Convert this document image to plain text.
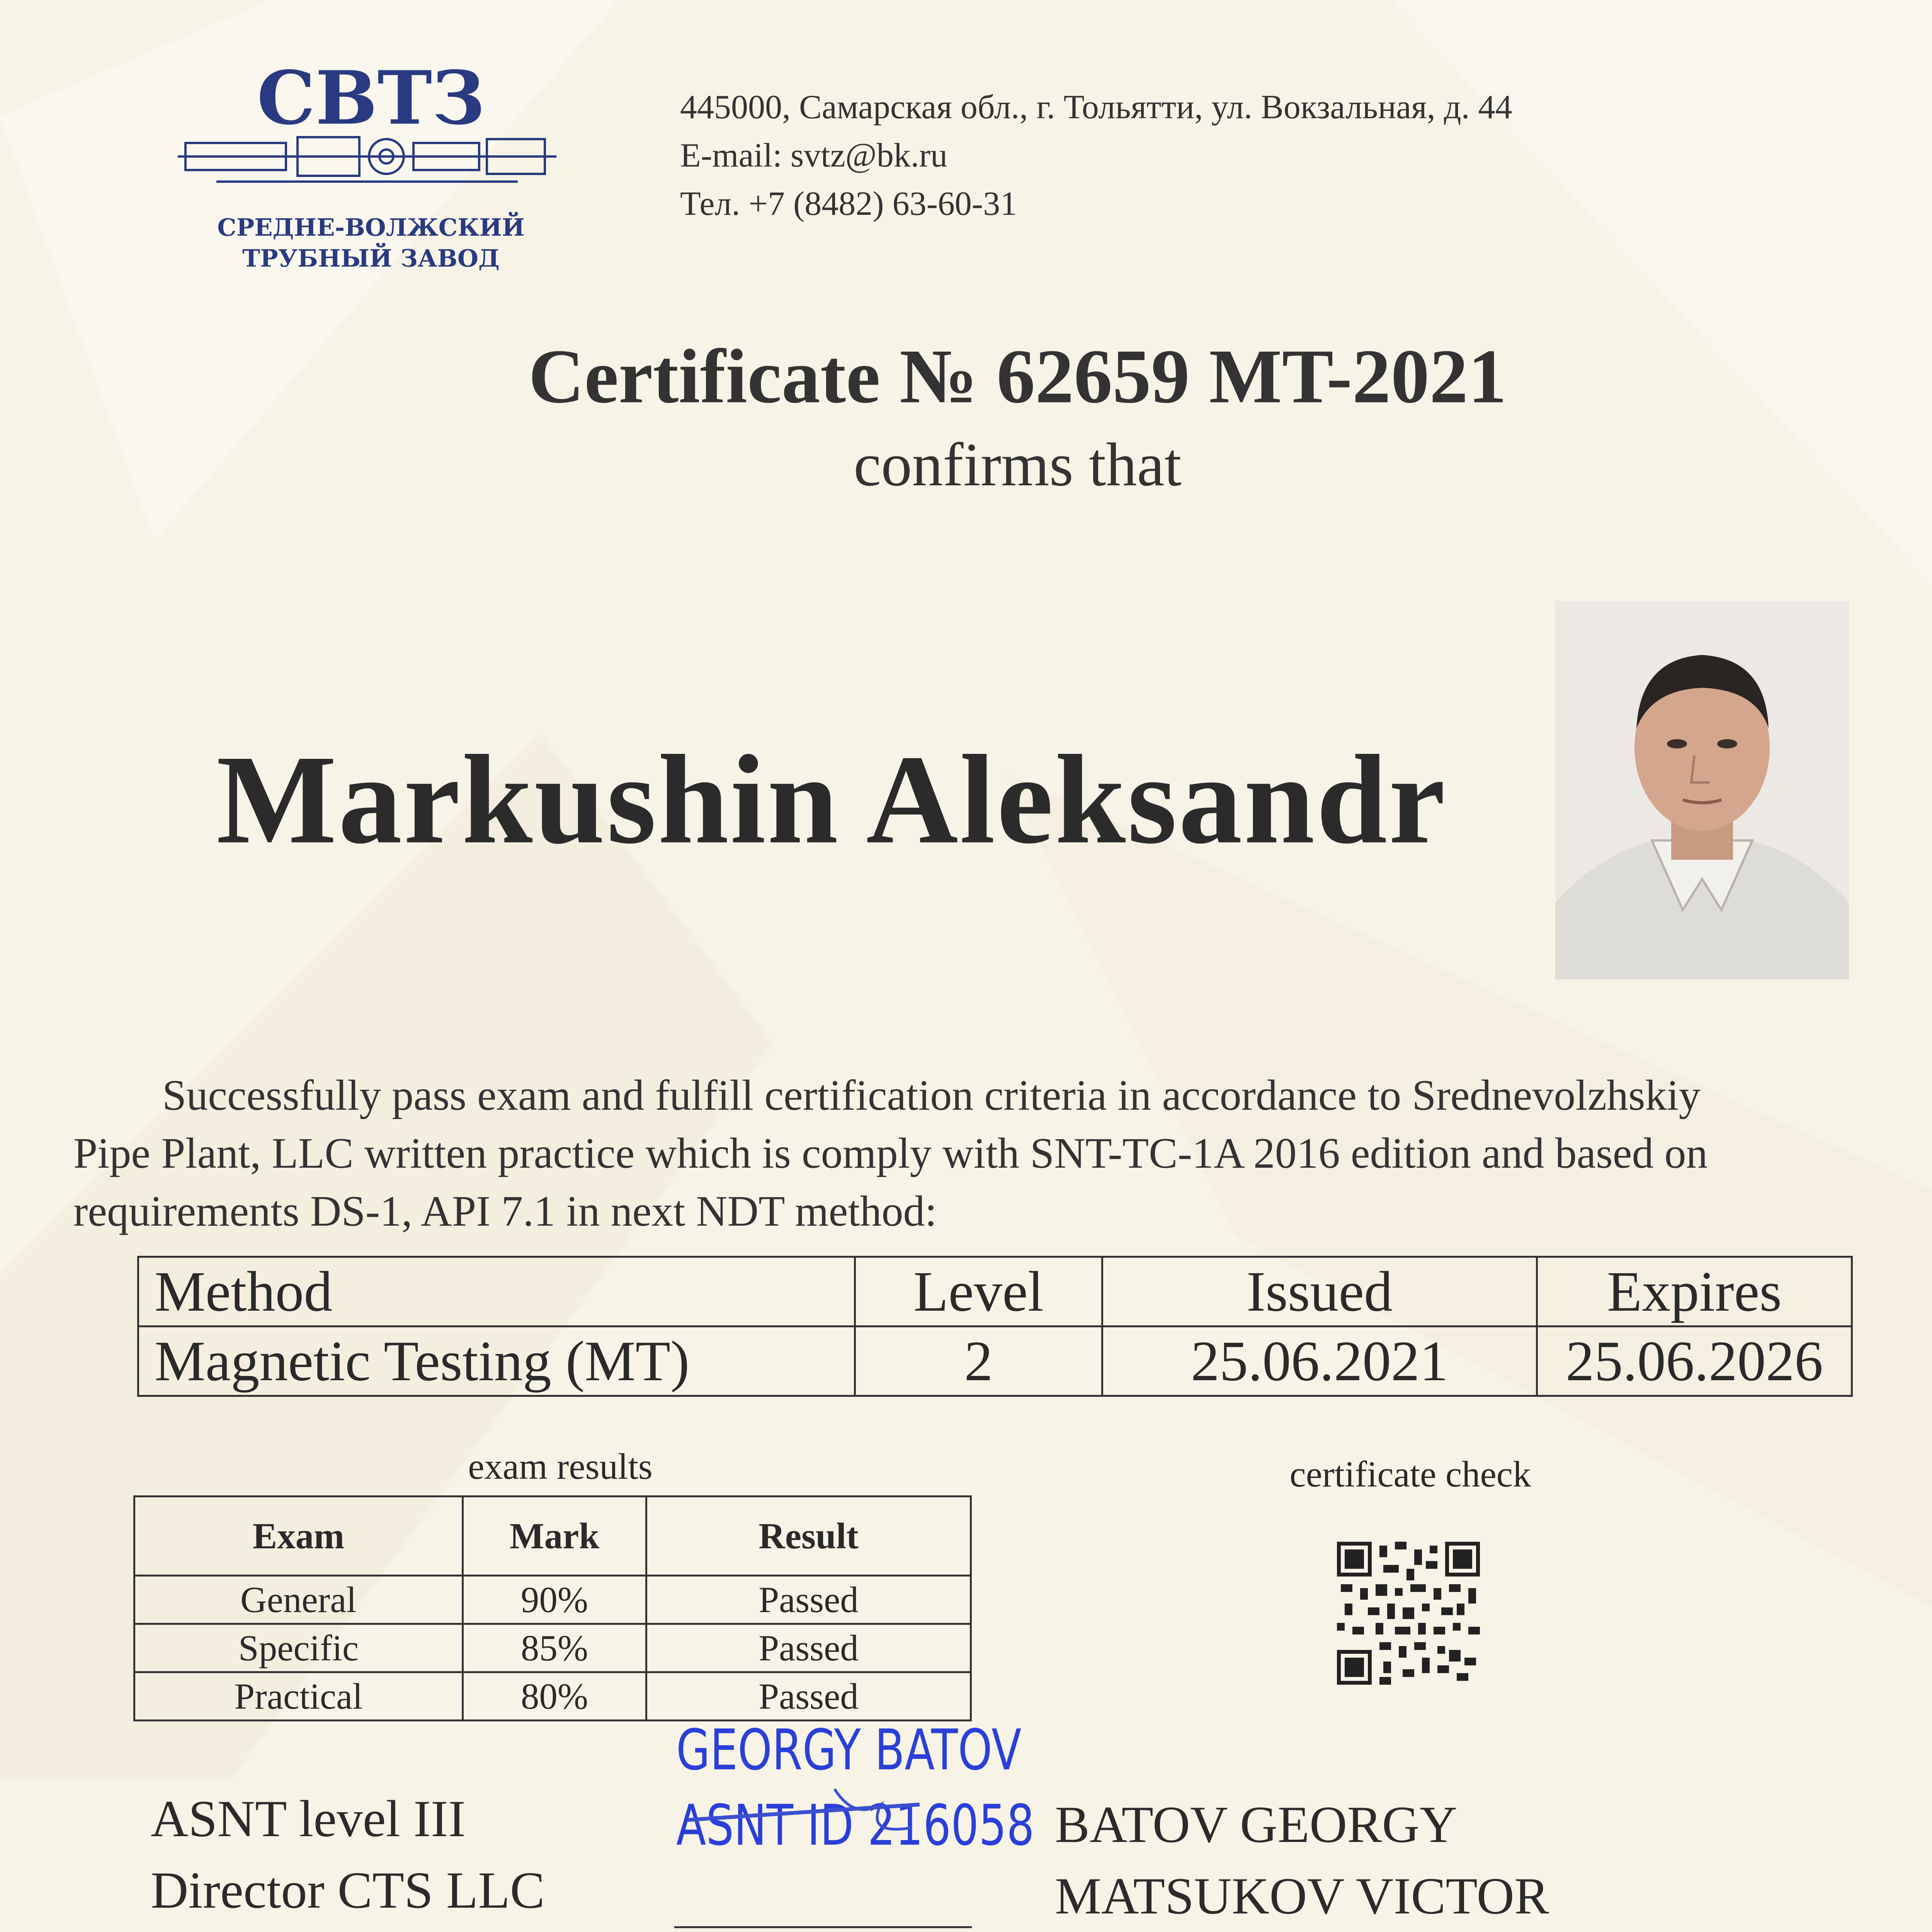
СВТЗ
СРЕДНЕ-ВОЛЖСКИЙ
ТРУБНЫЙ ЗАВОД
445000, Самарская обл., г. Тольятти, ул. Вокзальная, д. 44
E-mail: svtz@bk.ru
Тел. +7 (8482) 63-60-31
Certificate № 62659 MT-2021
confirms that
Markushin Aleksandr
Successfully pass exam and fulfill certification criteria in accordance to Srednevolzhskiy
Pipe Plant, LLC written practice which is comply with SNT-TC-1A 2016 edition and based on
requirements DS-1, API 7.1 in next NDT method:
Method	Level	Issued	Expires
Magnetic Testing (MT)	2	25.06.2021	25.06.2026
exam results
Exam	Mark	Result
General	90%	Passed
Specific	85%	Passed
Practical	80%	Passed
certificate check
ASNT level III
Director CTS LLC
GEORGY BATOV
ASNT ID 216058 BATOV GEORGY
MATSUKOV VICTOR
